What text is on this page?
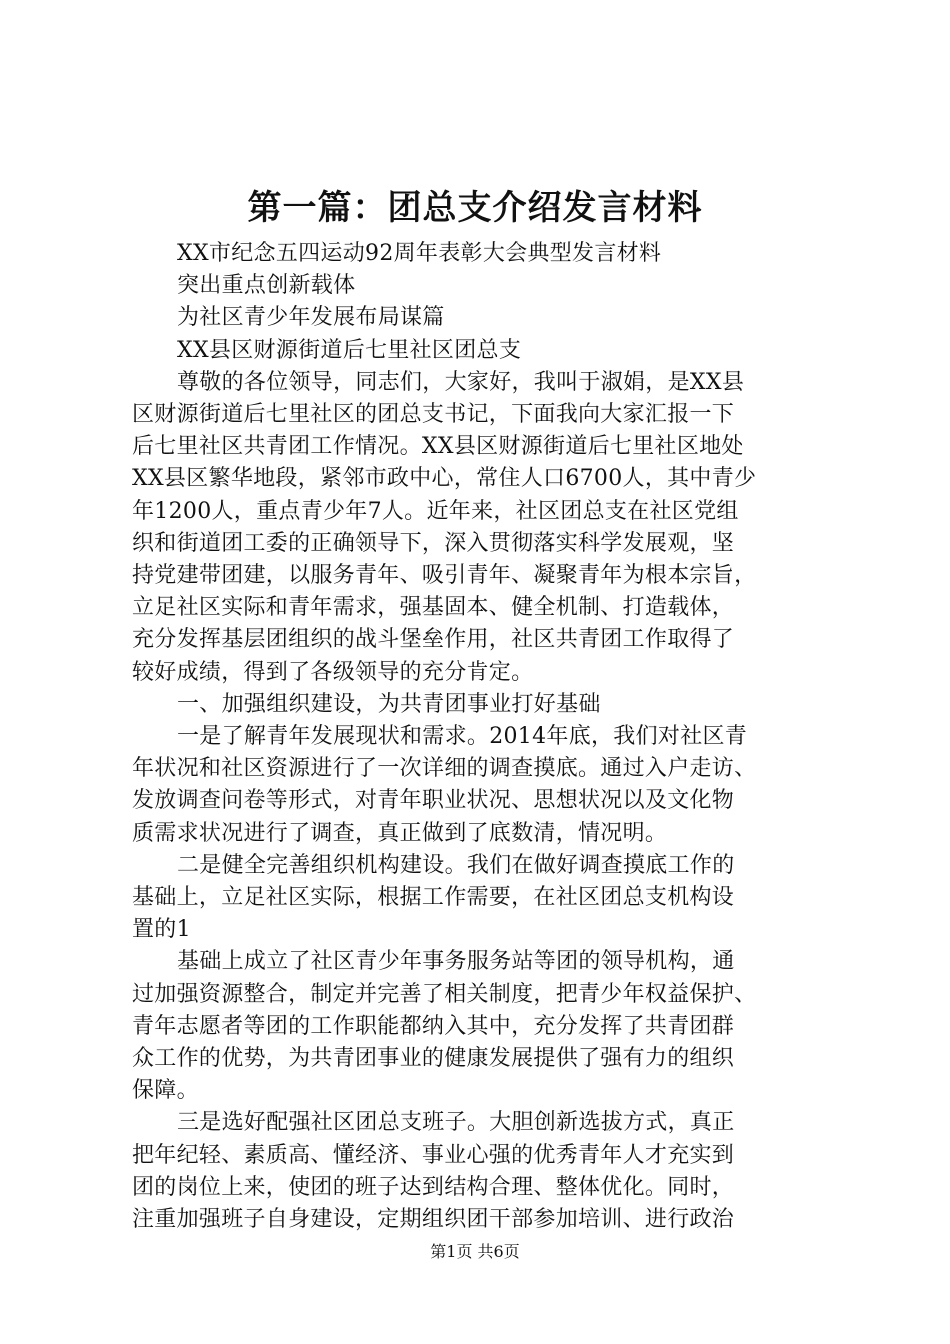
第一篇：团总支介绍发言材料
XX市纪念五四运动92周年表彰大会典型发言材料
突出重点创新载体
为社区青少年发展布局谋篇
XX县区财源街道后七里社区团总支
尊敬的各位领导，同志们，大家好，我叫于淑娟，是XX县
区财源街道后七里社区的团总支书记，下面我向大家汇报一下
后七里社区共青团工作情况。XX县区财源街道后七里社区地处
XX县区繁华地段，紧邻市政中心，常住人口6700人，其中青少
年1200人，重点青少年7人。近年来，社区团总支在社区党组
织和街道团工委的正确领导下，深入贯彻落实科学发展观，坚
持党建带团建，以服务青年、吸引青年、凝聚青年为根本宗旨，
立足社区实际和青年需求，强基固本、健全机制、打造载体，
充分发挥基层团组织的战斗堡垒作用，社区共青团工作取得了
较好成绩，得到了各级领导的充分肯定。
一、加强组织建设，为共青团事业打好基础
一是了解青年发展现状和需求。2014年底，我们对社区青
年状况和社区资源进行了一次详细的调查摸底。通过入户走访、
发放调查问卷等形式，对青年职业状况、思想状况以及文化物
质需求状况进行了调查，真正做到了底数清，情况明。
二是健全完善组织机构建设。我们在做好调查摸底工作的
基础上，立足社区实际，根据工作需要，在社区团总支机构设
置的1
基础上成立了社区青少年事务服务站等团的领导机构，通
过加强资源整合，制定并完善了相关制度，把青少年权益保护、
青年志愿者等团的工作职能都纳入其中，充分发挥了共青团群
众工作的优势，为共青团事业的健康发展提供了强有力的组织
保障。
三是选好配强社区团总支班子。大胆创新选拔方式，真正
把年纪轻、素质高、懂经济、事业心强的优秀青年人才充实到
团的岗位上来，使团的班子达到结构合理、整体优化。同时，
注重加强班子自身建设，定期组织团干部参加培训、进行政治
第1页 共6页
